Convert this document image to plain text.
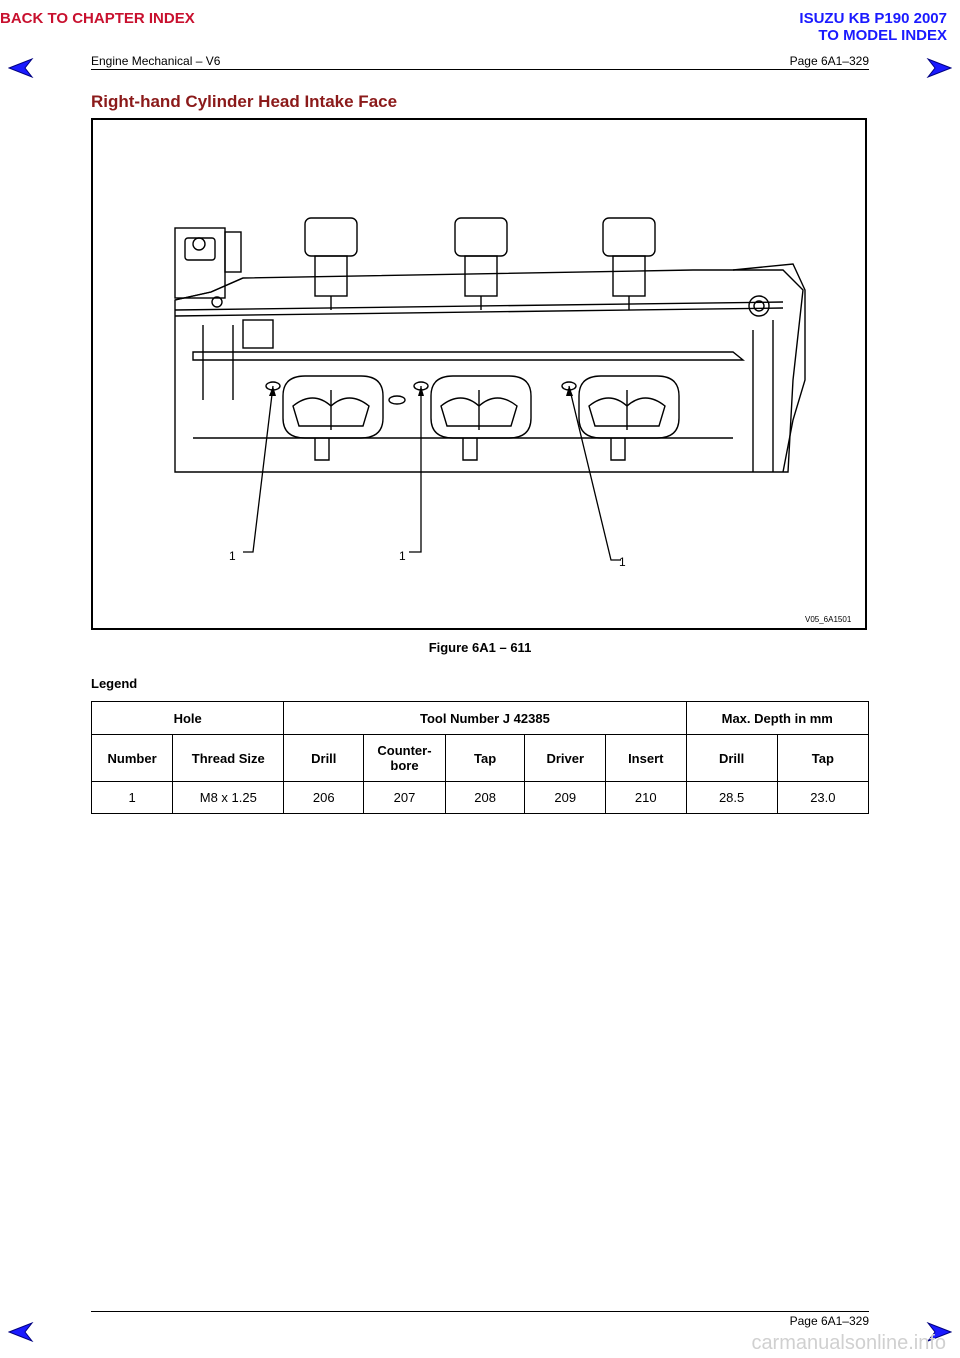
BACK TO CHAPTER INDEX	ISUZU KB P190 2007
TO MODEL INDEX
Engine Mechanical – V6	Page 6A1–329
Right-hand Cylinder Head Intake Face
1	1	1
V05_6A1501
Figure 6A1 – 611
Legend
Hole		Tool Number J 42385					Max. Depth in mm	
Number	Thread Size	Drill	Counter-
bore	Tap	Driver	Insert	Drill	Tap
1	M8 x 1.25	206	207	208	209	210	28.5	23.0
Page 6A1–329
carmanualsonline.info
